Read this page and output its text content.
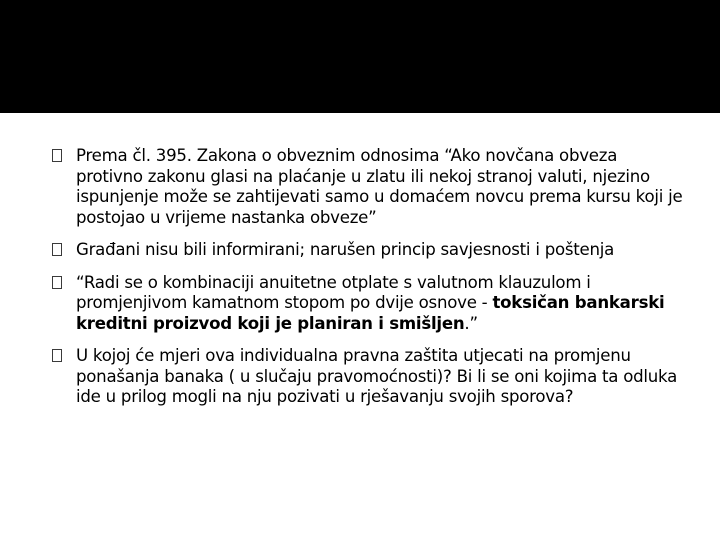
Prema čl. 395. Zakona o obveznim odnosima “Ako novčana obveza protivno zakonu glasi na plaćanje u zlatu ili nekoj stranoj valuti, njezino ispunjenje može se zahtijevati samo u domaćem novcu prema kursu koji je postojao u vrijeme nastanka obveze”
Građani nisu bili informirani; narušen princip savjesnosti i poštenja
“Radi se o kombinaciji anuitetne otplate s valutnom klauzulom i promjenjivom kamatnom stopom po dvije osnove - toksičan bankarski kreditni proizvod koji je planiran i smišljen.”
U kojoj će mjeri ova individualna pravna zaštita utjecati na promjenu ponašanja banaka ( u slučaju pravomoćnosti)? Bi li se oni kojima ta odluka ide u prilog mogli na nju pozivati u rješavanju svojih sporova?
